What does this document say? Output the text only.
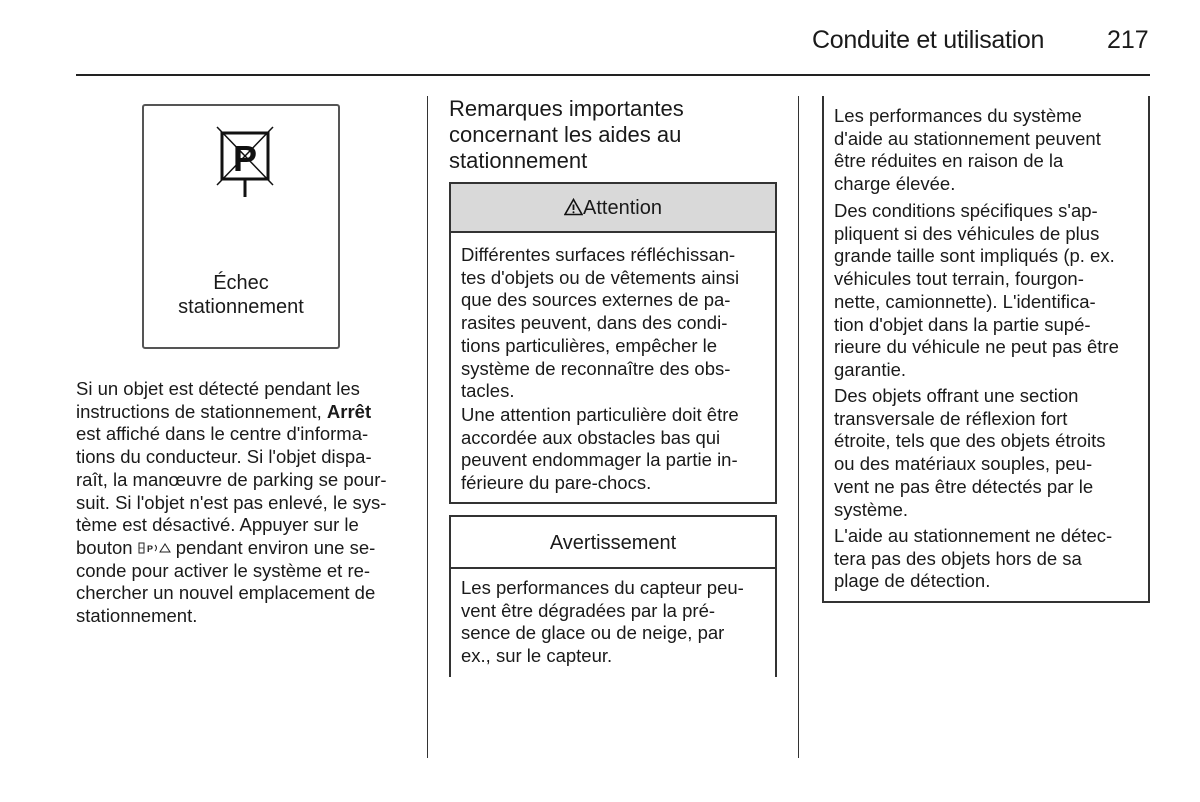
Conduite et utilisation	217
P
Échec
stationnement
Si un objet est détecté pendant les
instructions de stationnement, Arrêt
est affiché dans le centre d'informa-
tions du conducteur. Si l'objet dispa-
raît, la manœuvre de parking se pour-
suit. Si l'objet n'est pas enlevé, le sys-
tème est désactivé. Appuyer sur le
bouton P pendant environ une se-
conde pour activer le système et re-
chercher un nouvel emplacement de
stationnement.
Remarques importantes
concernant les aides au
stationnement
Attention
Différentes surfaces réfléchissan-
tes d'objets ou de vêtements ainsi
que des sources externes de pa-
rasites peuvent, dans des condi-
tions particulières, empêcher le
système de reconnaître des obs-
tacles.
Une attention particulière doit être
accordée aux obstacles bas qui
peuvent endommager la partie in-
férieure du pare-chocs.
Avertissement
Les performances du capteur peu-
vent être dégradées par la pré-
sence de glace ou de neige, par
ex., sur le capteur.
Les performances du système
d'aide au stationnement peuvent
être réduites en raison de la
charge élevée.
Des conditions spécifiques s'ap-
pliquent si des véhicules de plus
grande taille sont impliqués (p. ex.
véhicules tout terrain, fourgon-
nette, camionnette). L'identifica-
tion d'objet dans la partie supé-
rieure du véhicule ne peut pas être
garantie.
Des objets offrant une section
transversale de réflexion fort
étroite, tels que des objets étroits
ou des matériaux souples, peu-
vent ne pas être détectés par le
système.
L'aide au stationnement ne détec-
tera pas des objets hors de sa
plage de détection.
